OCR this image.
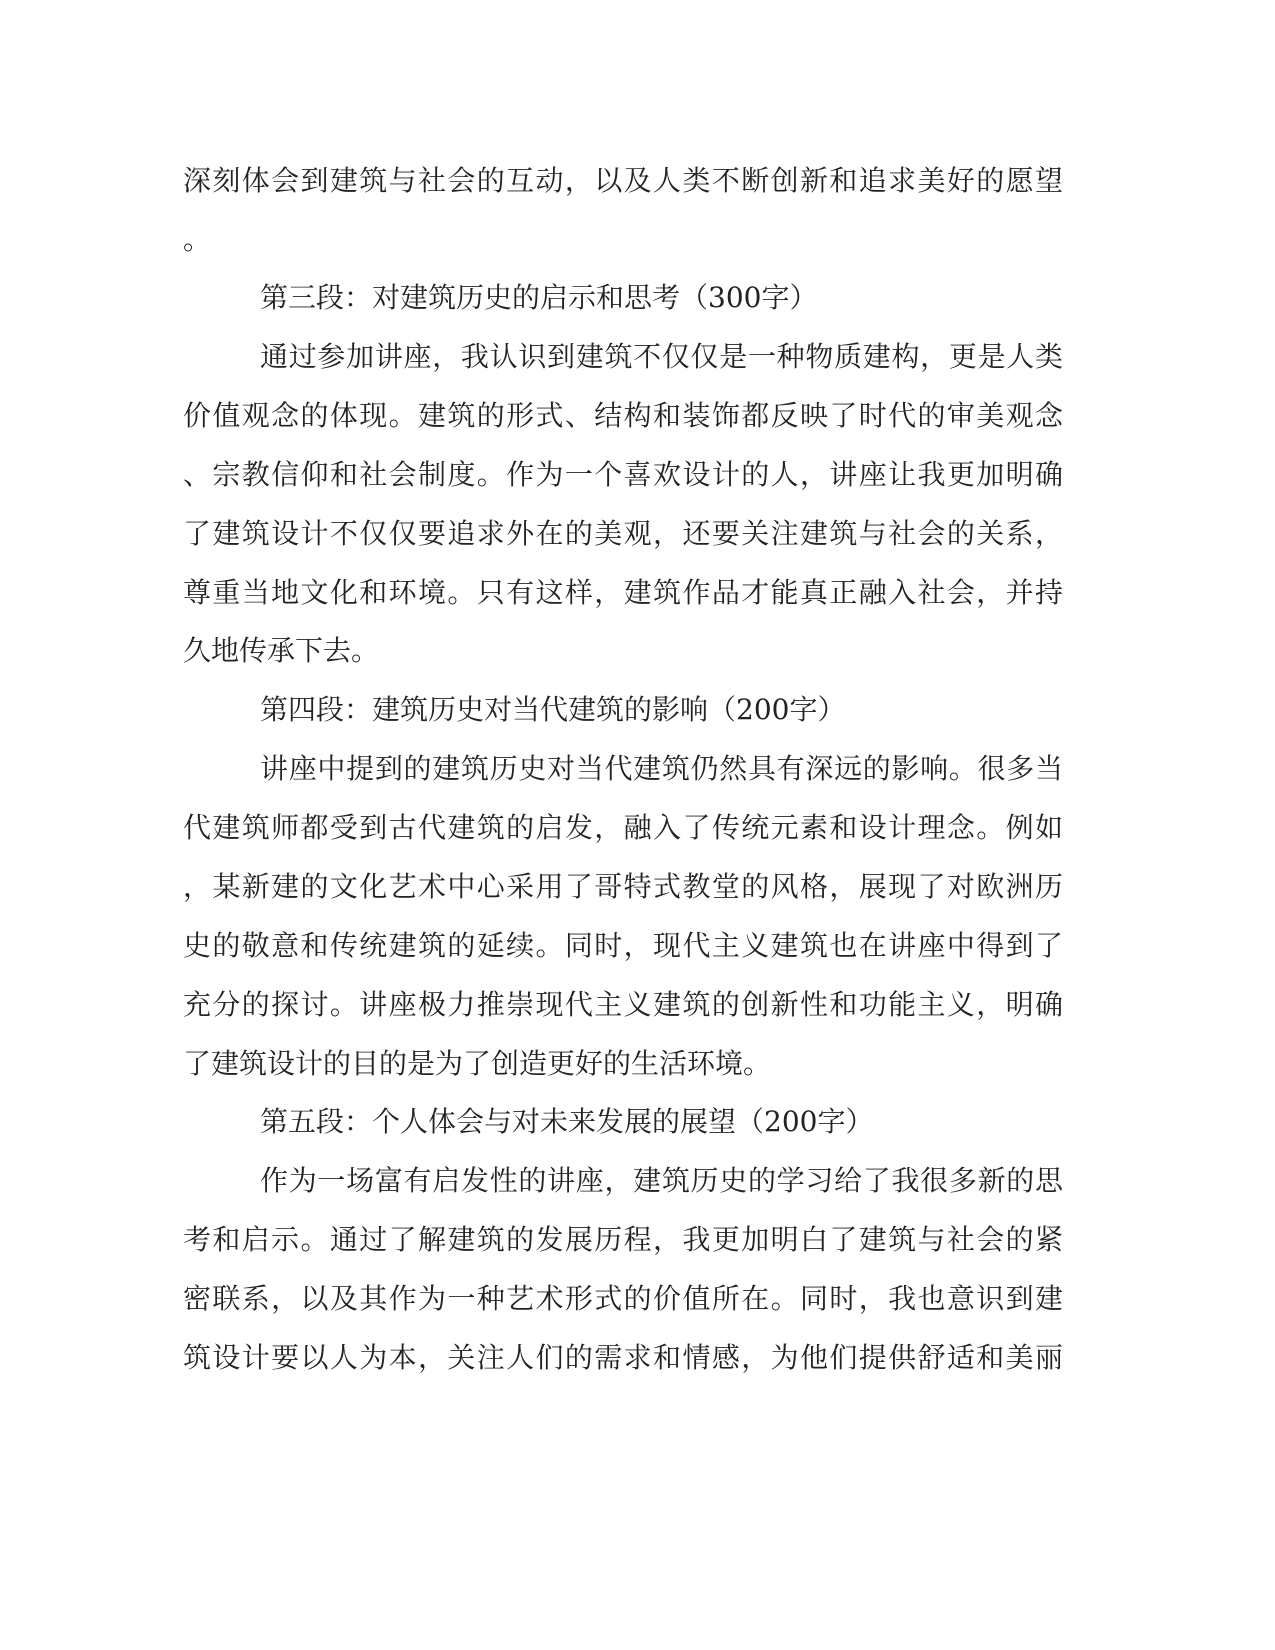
深刻体会到建筑与社会的互动，以及人类不断创新和追求美好的愿望
。
第三段：对建筑历史的启示和思考（300字）
通过参加讲座，我认识到建筑不仅仅是一种物质建构，更是人类
价值观念的体现。建筑的形式、结构和装饰都反映了时代的审美观念
、宗教信仰和社会制度。作为一个喜欢设计的人，讲座让我更加明确
了建筑设计不仅仅要追求外在的美观，还要关注建筑与社会的关系，
尊重当地文化和环境。只有这样，建筑作品才能真正融入社会，并持
久地传承下去。
第四段：建筑历史对当代建筑的影响（200字）
讲座中提到的建筑历史对当代建筑仍然具有深远的影响。很多当
代建筑师都受到古代建筑的启发，融入了传统元素和设计理念。例如
，某新建的文化艺术中心采用了哥特式教堂的风格，展现了对欧洲历
史的敬意和传统建筑的延续。同时，现代主义建筑也在讲座中得到了
充分的探讨。讲座极力推崇现代主义建筑的创新性和功能主义，明确
了建筑设计的目的是为了创造更好的生活环境。
第五段：个人体会与对未来发展的展望（200字）
作为一场富有启发性的讲座，建筑历史的学习给了我很多新的思
考和启示。通过了解建筑的发展历程，我更加明白了建筑与社会的紧
密联系，以及其作为一种艺术形式的价值所在。同时，我也意识到建
筑设计要以人为本，关注人们的需求和情感，为他们提供舒适和美丽
